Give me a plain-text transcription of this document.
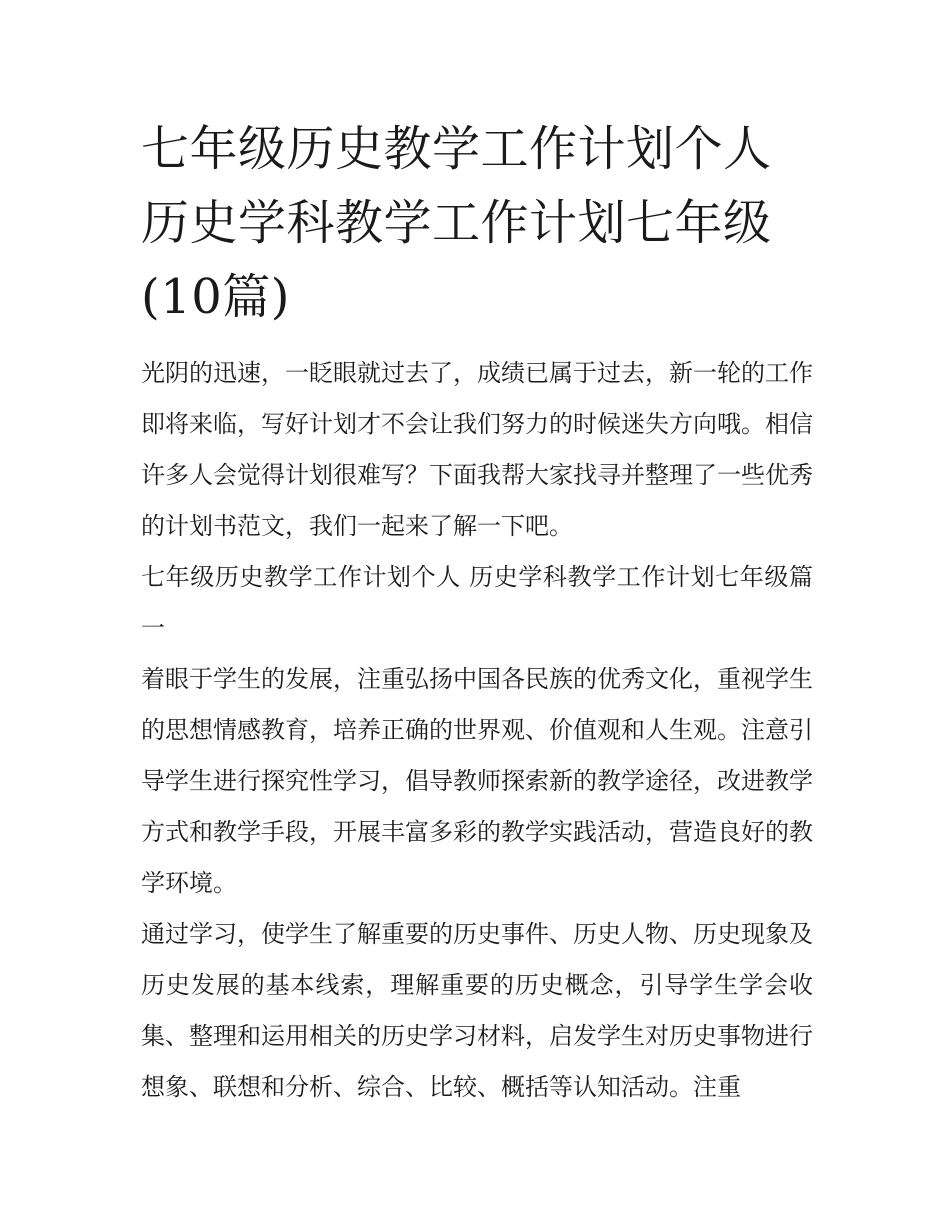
七年级历史教学工作计划个人 历史学科教学工作计划七年级(10篇)

光阴的迅速，一眨眼就过去了，成绩已属于过去，新一轮的工作即将来临，写好计划才不会让我们努力的时候迷失方向哦。相信许多人会觉得计划很难写？下面我帮大家找寻并整理了一些优秀的计划书范文，我们一起来了解一下吧。

七年级历史教学工作计划个人 历史学科教学工作计划七年级篇一

着眼于学生的发展，注重弘扬中国各民族的优秀文化，重视学生的思想情感教育，培养正确的世界观、价值观和人生观。注意引导学生进行探究性学习，倡导教师探索新的教学途径，改进教学方式和教学手段，开展丰富多彩的教学实践活动，营造良好的教学环境。

通过学习，使学生了解重要的历史事件、历史人物、历史现象及历史发展的基本线索，理解重要的历史概念，引导学生学会收集、整理和运用相关的历史学习材料，启发学生对历史事物进行想象、联想和分析、综合、比较、概括等认知活动。注重
